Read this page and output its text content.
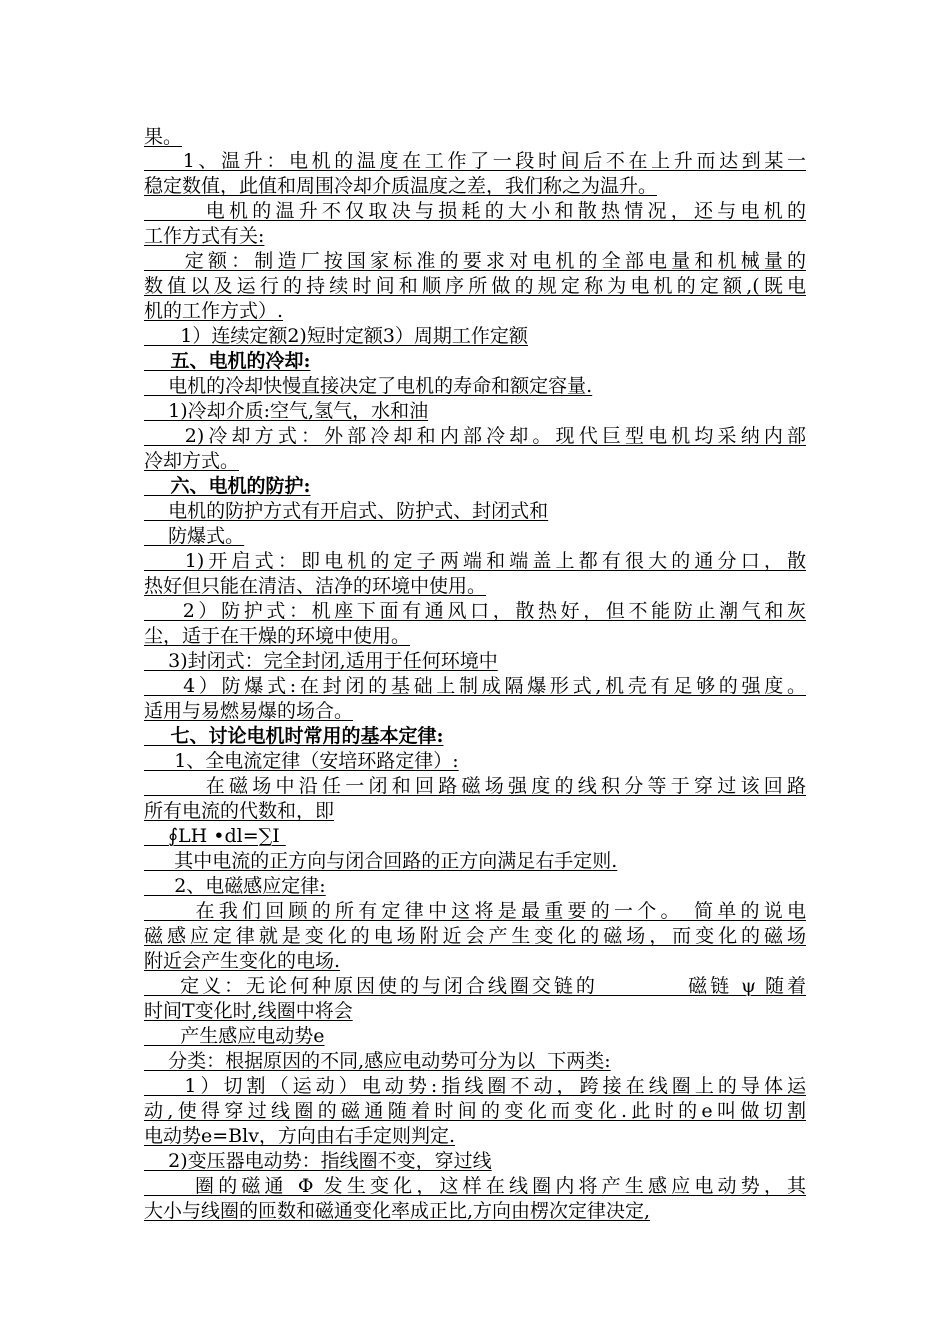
果。
1、温升：电机的温度在工作了一段时间后不在上升而达到某一
稳定数值，此值和周围冷却介质温度之差，我们称之为温升。
电机的温升不仅取决与损耗的大小和散热情况，还与电机的
工作方式有关:
定额：制造厂按国家标准的要求对电机的全部电量和机械量的
数值以及运行的持续时间和顺序所做的规定称为电机的定额,(既电
机的工作方式）.
1）连续定额2)短时定额3）周期工作定额
五、电机的冷却:
电机的冷却快慢直接决定了电机的寿命和额定容量.
1)冷却介质:空气,氢气，水和油
2)冷却方式：外部冷却和内部冷却。现代巨型电机均采纳内部
冷却方式。
六、电机的防护:
电机的防护方式有开启式、防护式、封闭式和
防爆式。
1)开启式：即电机的定子两端和端盖上都有很大的通分口，散
热好但只能在清洁、洁净的环境中使用。
2）防护式：机座下面有通风口，散热好，但不能防止潮气和灰
尘，适于在干燥的环境中使用。
3)封闭式：完全封闭,适用于任何环境中
4）防爆式:在封闭的基础上制成隔爆形式,机壳有足够的强度。
适用与易燃易爆的场合。
七、讨论电机时常用的基本定律:
1、全电流定律（安培环路定律）:
在磁场中沿任一闭和回路磁场强度的线积分等于穿过该回路
所有电流的代数和，即
∮LH •dl=∑I
其中电流的正方向与闭合回路的正方向满足右手定则.
2、电磁感应定律:
在我们回顾的所有定律中这将是最重要的一个。 简单的说电
磁感应定律就是变化的电场附近会产生变化的磁场，而变化的磁场
附近会产生变化的电场.
定义：无论何种原因使的与闭合线圈交链的          磁链 ψ 随着
时间T变化时,线圈中将会
产生感应电动势e
分类：根据原因的不同,感应电动势可分为以  下两类:
1）切割（运动）电动势:指线圈不动，跨接在线圈上的导体运
动,使得穿过线圈的磁通随着时间的变化而变化.此时的e叫做切割
电动势e=Blv，方向由右手定则判定.
2)变压器电动势：指线圈不变，穿过线
圈的磁通 Φ 发生变化，这样在线圈内将产生感应电动势，其
大小与线圈的匝数和磁通变化率成正比,方向由楞次定律决定,
